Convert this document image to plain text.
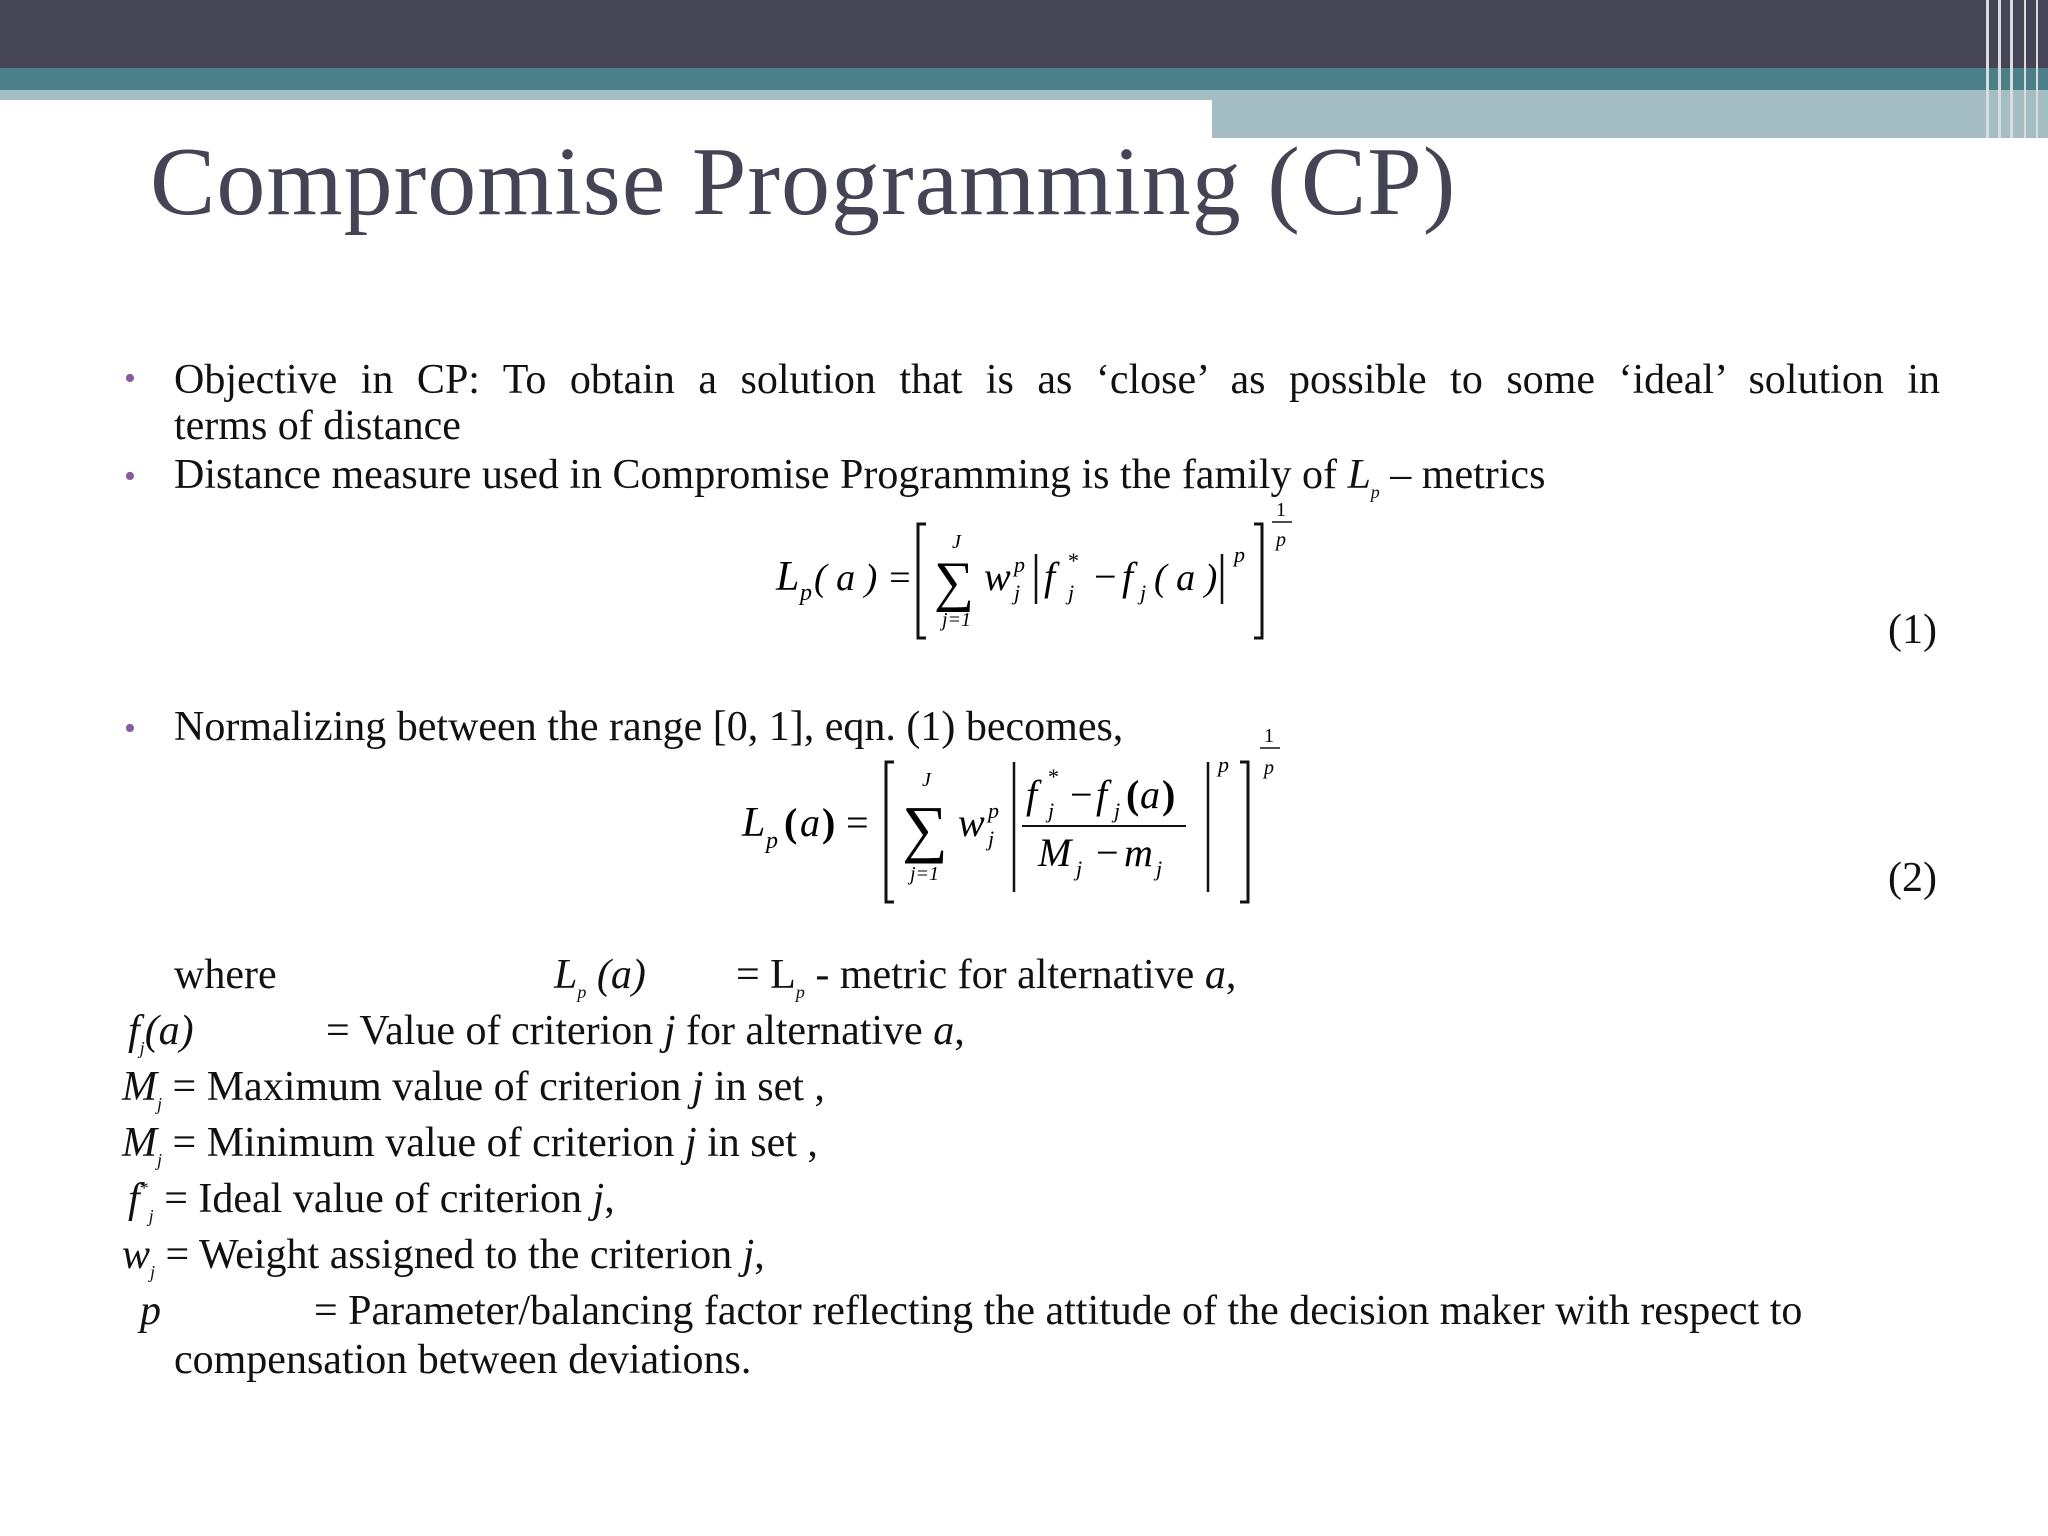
Compromise Programming (CP)
• Objective in CP: To obtain a solution that is as ‘close’ as possible to some ‘ideal’ solution in
terms of distance
• Distance measure used in Compromise Programming is the family of $L_p$ – metrics
L p ( a ) =
J
∑
j=1
w p
j f *
j − f j ( a )
p
1
p
(1)
• Normalizing between the range [0, 1], eqn. (1) becomes,
L p ( a ) =
J
∑
j=1
w p
j
f *
j − f j ( a )
M j − m j
p
1
p
(2)
where	$L_p$ $(a) = L_p$ - metric for alternative a,
$f_j(a)$	= Value of criterion j for alternative a,
$M_j$ = Maximum value of criterion j in set ,
$M_j$ = Minimum value of criterion j in set ,
$f^*_j$ = Ideal value of criterion j,
$w_j$ = Weight assigned to the criterion j,
p	= Parameter/balancing factor reflecting the attitude of the decision maker with respect to
compensation between deviations.
